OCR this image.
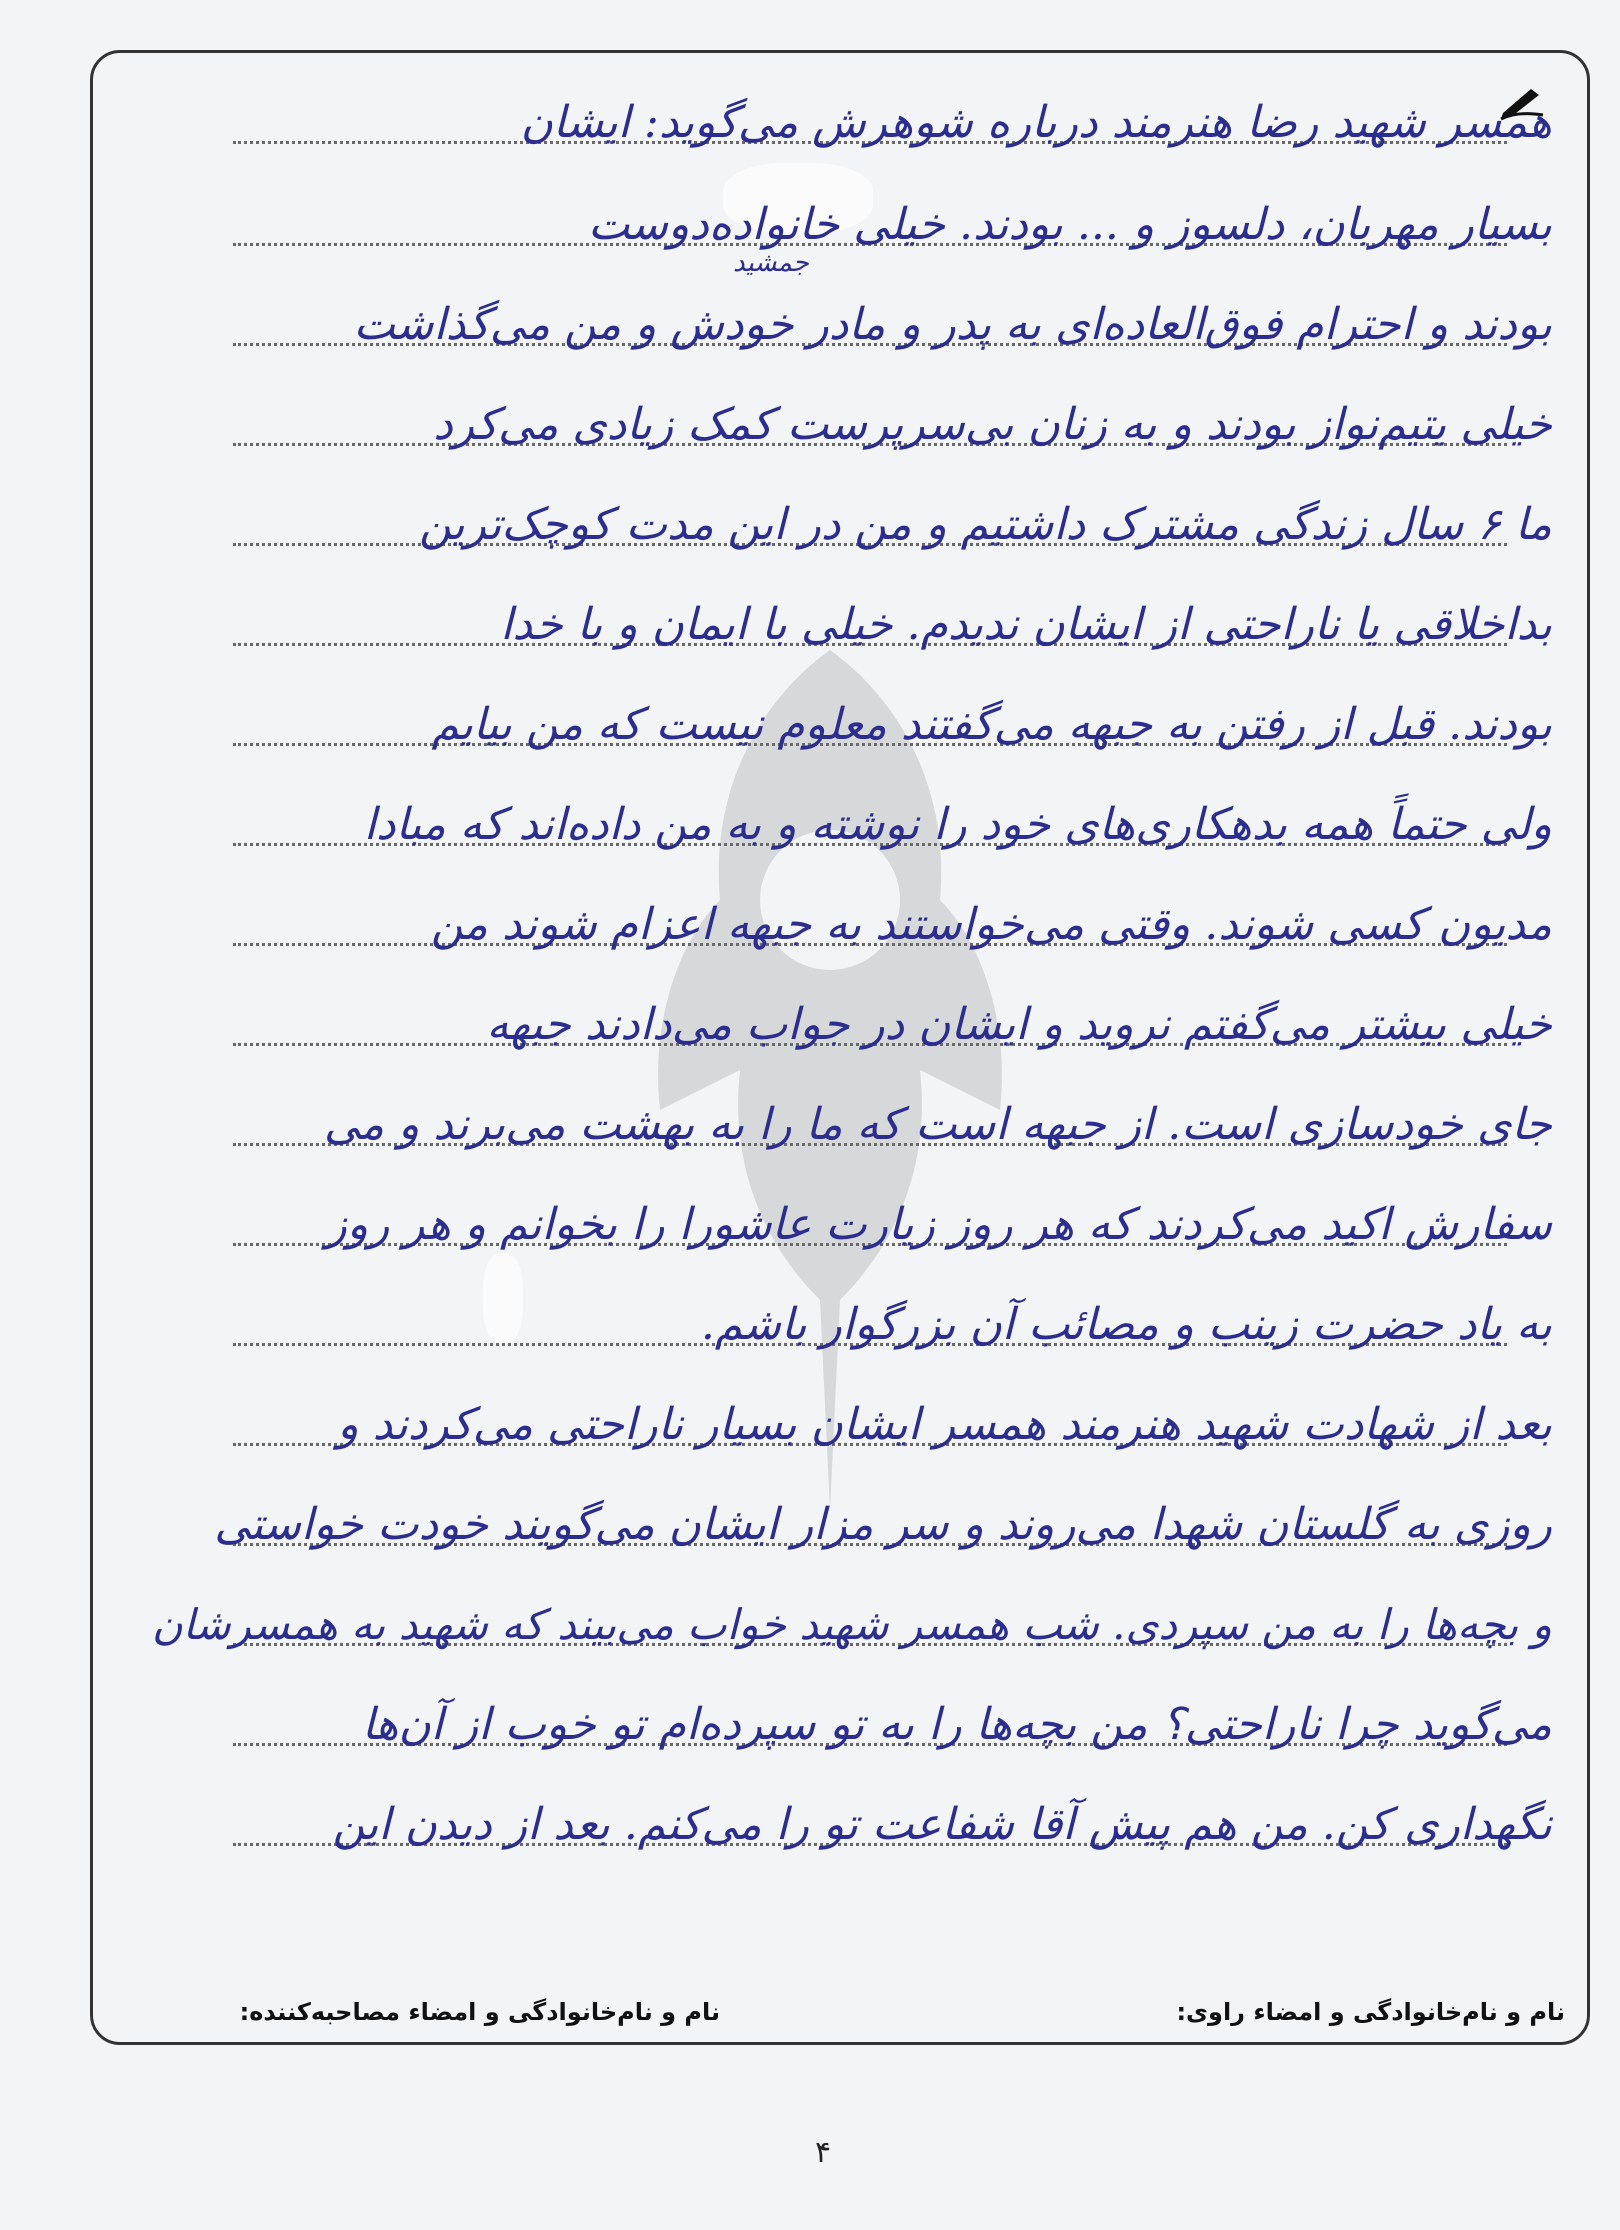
همسر شهید رضا هنرمند درباره شوهرش می‌گوید: ایشان
بسیار مهربان، دلسوز و ... بودند. خیلی خانواده‌دوست
جمشید
بودند و احترام فوق‌العاده‌ای به پدر و مادر خودش و من می‌گذاشت
خیلی یتیم‌نواز بودند و به زنان بی‌سرپرست کمک زیادی می‌کرد
ما ۶ سال زندگی مشترک داشتیم و من در این مدت کوچک‌ترین
بداخلاقی یا ناراحتی از ایشان ندیدم. خیلی با ایمان و با خدا
بودند. قبل از رفتن به جبهه می‌گفتند معلوم نیست که من بیایم
ولی حتماً همه بدهکاری‌های خود را نوشته و به من داده‌اند که مبادا
مدیون کسی شوند. وقتی می‌خواستند به جبهه اعزام شوند من
خیلی بیشتر می‌گفتم نروید و ایشان در جواب می‌دادند جبهه
جای خودسازی است. از جبهه است که ما را به بهشت می‌برند و می
سفارش اکید می‌کردند که هر روز زیارت عاشورا را بخوانم و هر روز
به یاد حضرت زینب و مصائب آن بزرگوار باشم.
بعد از شهادت شهید هنرمند همسر ایشان بسیار ناراحتی می‌کردند و
روزی به گلستان شهدا می‌روند و سر مزار ایشان می‌گویند خودت خواستی
و بچه‌ها را به من سپردی. شب همسر شهید خواب می‌بیند که شهید به همسرشان
می‌گوید چرا ناراحتی؟ من بچه‌ها را به تو سپرده‌ام تو خوب از آن‌ها
نگهداری کن. من هم پیش آقا شفاعت تو را می‌کنم. بعد از دیدن این
نام و نام‌خانوادگی و امضاء راوی:
نام و نام‌خانوادگی و امضاء مصاحبه‌کننده:
۴
